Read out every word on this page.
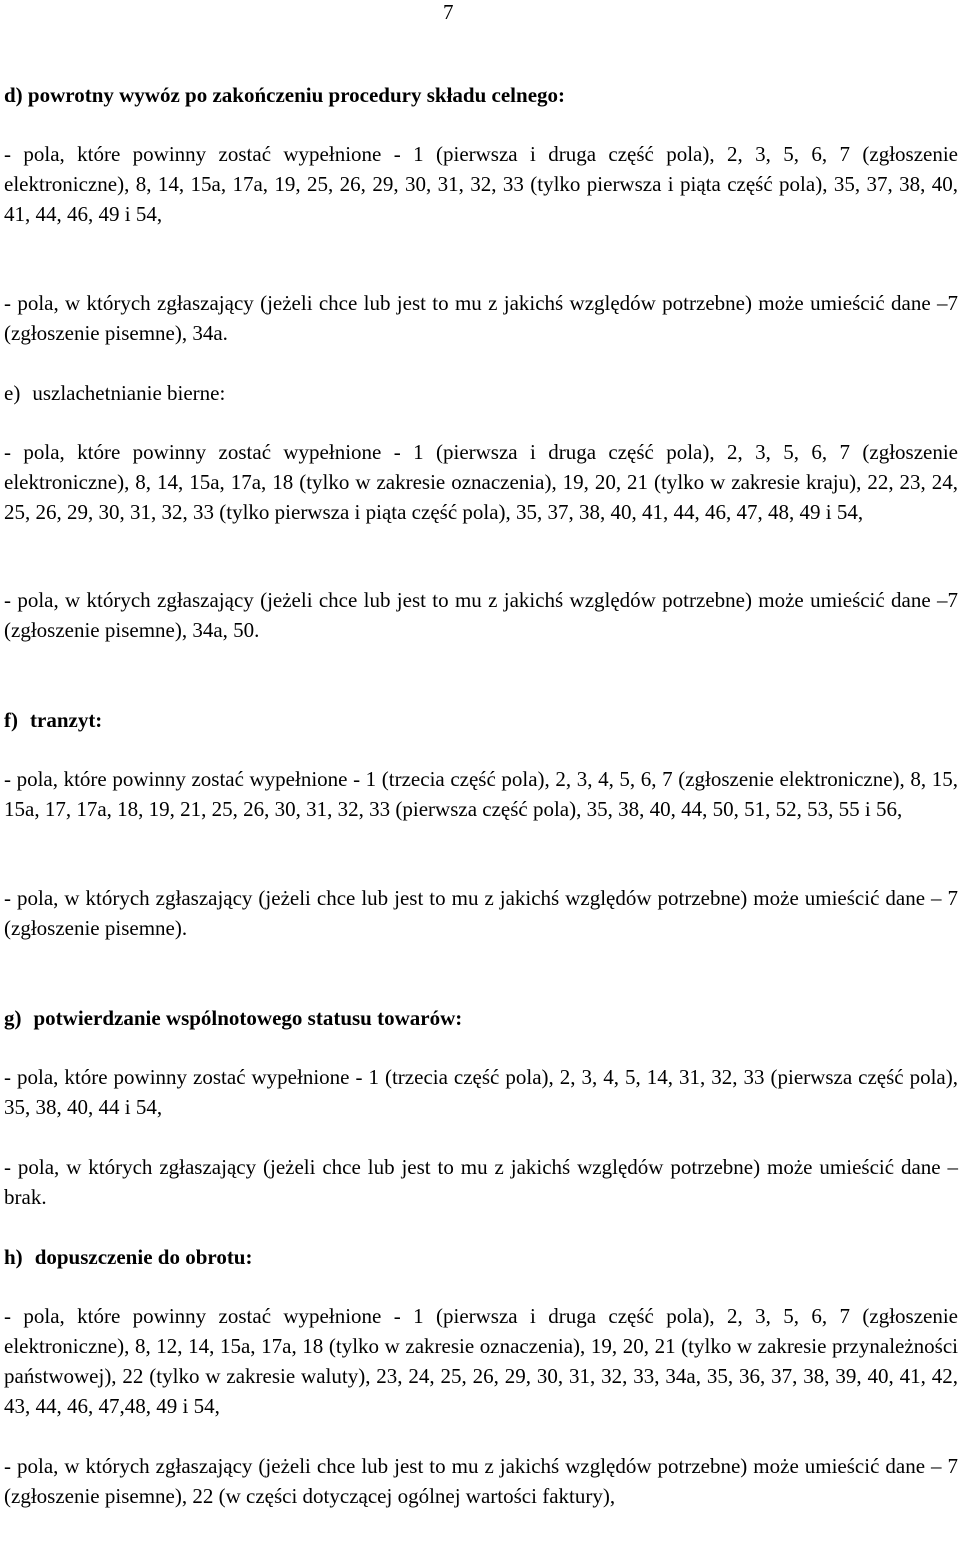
7

d) powrotny wywóz po zakończeniu procedury składu celnego:

- pola, które powinny zostać wypełnione - 1 (pierwsza i druga część pola), 2, 3, 5, 6, 7 (zgłoszenie elektroniczne), 8, 14, 15a, 17a, 19, 25, 26, 29, 30, 31, 32, 33 (tylko pierwsza i piąta część pola), 35, 37, 38, 40, 41, 44, 46, 49 i 54,

- pola, w których zgłaszający (jeżeli chce lub jest to mu z jakichś względów potrzebne) może umieścić dane –7 (zgłoszenie pisemne), 34a.

e) uszlachetnianie bierne:

- pola, które powinny zostać wypełnione - 1 (pierwsza i druga część pola), 2, 3, 5, 6, 7 (zgłoszenie elektroniczne), 8, 14, 15a, 17a, 18 (tylko w zakresie oznaczenia), 19, 20, 21 (tylko w zakresie kraju), 22, 23, 24, 25, 26, 29, 30, 31, 32, 33 (tylko pierwsza i piąta część pola), 35, 37, 38, 40, 41, 44, 46, 47, 48, 49 i 54,

- pola, w których zgłaszający (jeżeli chce lub jest to mu z jakichś względów potrzebne) może umieścić dane –7 (zgłoszenie pisemne), 34a, 50.

f) tranzyt:

- pola, które powinny zostać wypełnione - 1 (trzecia część pola), 2, 3, 4, 5, 6, 7 (zgłoszenie elektroniczne), 8, 15, 15a, 17, 17a, 18, 19, 21, 25, 26, 30, 31, 32, 33 (pierwsza część pola), 35, 38, 40, 44, 50, 51, 52, 53, 55 i 56,

- pola, w których zgłaszający (jeżeli chce lub jest to mu z jakichś względów potrzebne) może umieścić dane – 7 (zgłoszenie pisemne).

g) potwierdzanie wspólnotowego statusu towarów:

- pola, które powinny zostać wypełnione - 1 (trzecia część pola), 2, 3, 4, 5, 14, 31, 32, 33 (pierwsza część pola), 35, 38, 40, 44 i 54,

- pola, w których zgłaszający (jeżeli chce lub jest to mu z jakichś względów potrzebne) może umieścić dane – brak.

h) dopuszczenie do obrotu:

- pola, które powinny zostać wypełnione - 1 (pierwsza i druga część pola), 2, 3, 5, 6, 7 (zgłoszenie elektroniczne), 8, 12, 14, 15a, 17a, 18 (tylko w zakresie oznaczenia), 19, 20, 21 (tylko w zakresie przynależności państwowej), 22 (tylko w zakresie waluty), 23, 24, 25, 26, 29, 30, 31, 32, 33, 34a, 35, 36, 37, 38, 39, 40, 41, 42, 43, 44, 46, 47,48, 49 i 54,

- pola, w których zgłaszający (jeżeli chce lub jest to mu z jakichś względów potrzebne) może umieścić dane – 7 (zgłoszenie pisemne), 22 (w części dotyczącej ogólnej wartości faktury),
